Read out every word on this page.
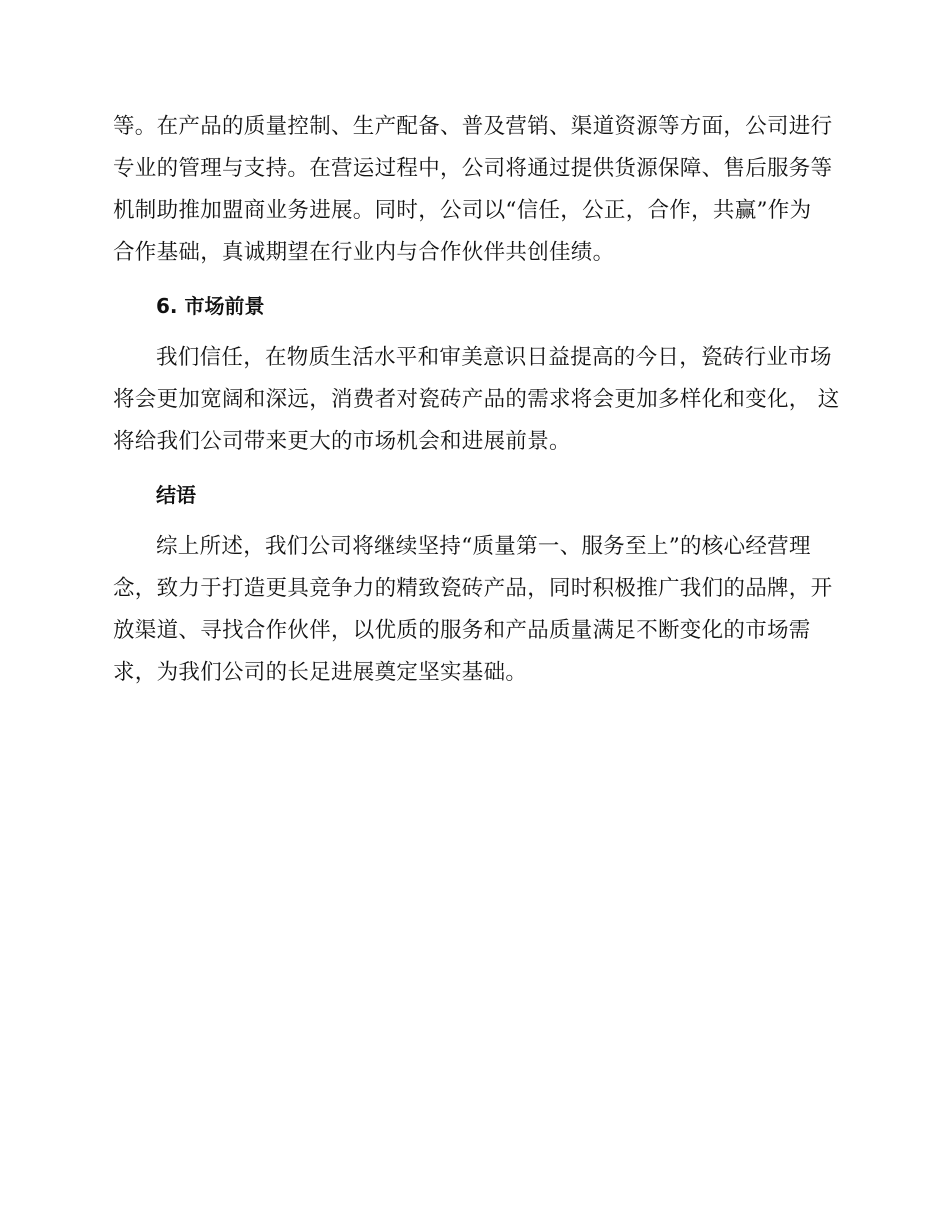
等。在产品的质量控制、生产配备、普及营销、渠道资源等方面，公司进行
专业的管理与支持。在营运过程中，公司将通过提供货源保障、售后服务等
机制助推加盟商业务进展。同时，公司以“信任，公正，合作，共赢”作为
合作基础，真诚期望在行业内与合作伙伴共创佳绩。

6. 市场前景

我们信任，在物质生活水平和审美意识日益提高的今日，瓷砖行业市场
将会更加宽阔和深远，消费者对瓷砖产品的需求将会更加多样化和变化， 这
将给我们公司带来更大的市场机会和进展前景。

结语

综上所述，我们公司将继续坚持“质量第一、服务至上”的核心经营理
念，致力于打造更具竞争力的精致瓷砖产品，同时积极推广我们的品牌，开
放渠道、寻找合作伙伴，以优质的服务和产品质量满足不断变化的市场需
求，为我们公司的长足进展奠定坚实基础。
